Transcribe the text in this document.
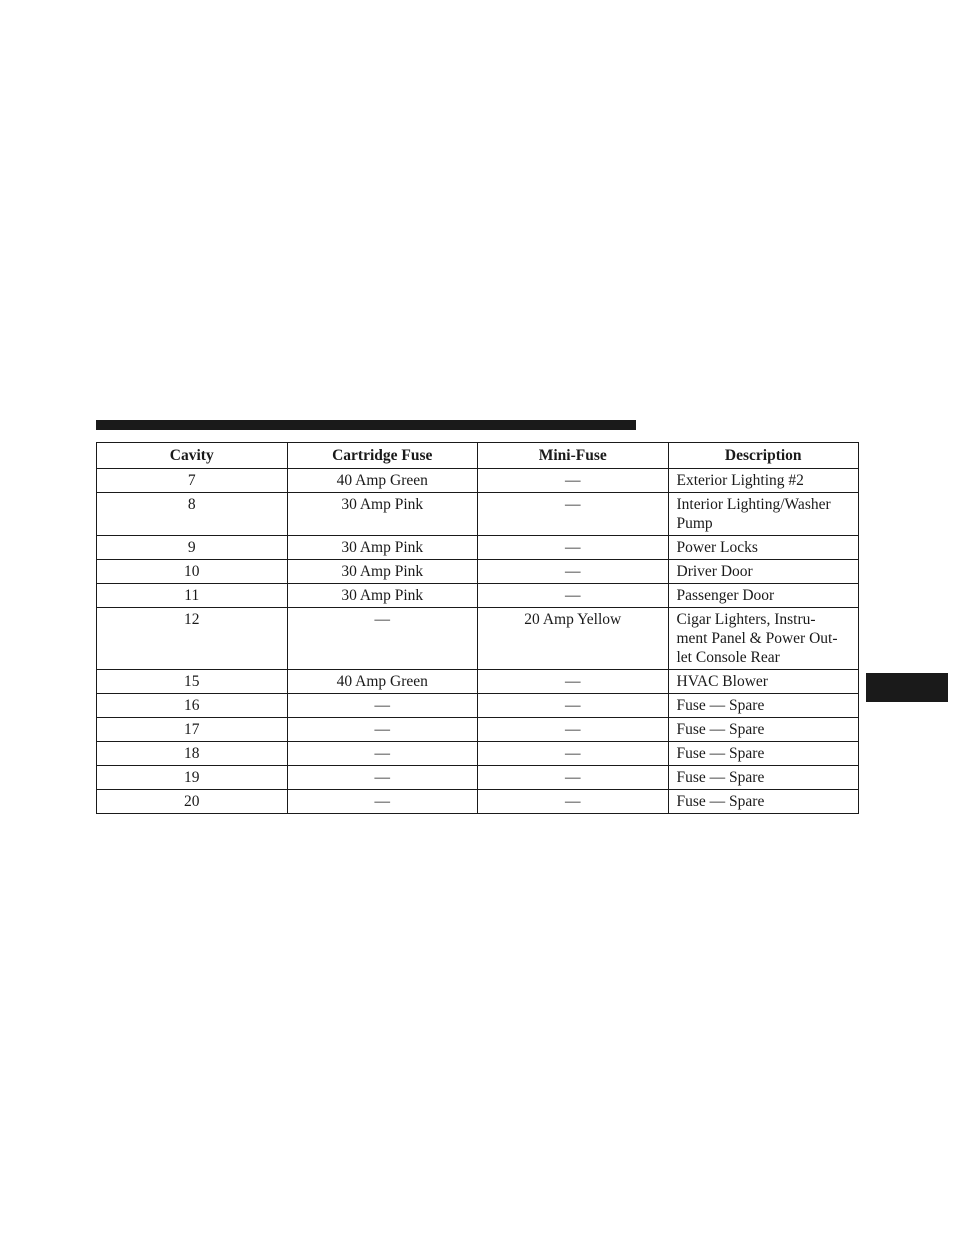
Cavity	Cartridge Fuse	Mini-Fuse	Description
7	40 Amp Green	—	Exterior Lighting #2
8	30 Amp Pink	—	Interior Lighting/Washer Pump
9	30 Amp Pink	—	Power Locks
10	30 Amp Pink	—	Driver Door
11	30 Amp Pink	—	Passenger Door
12	—	20 Amp Yellow	Cigar Lighters, Instru- ment Panel & Power Out- let Console Rear
15	40 Amp Green	—	HVAC Blower
16	—	—	Fuse — Spare
17	—	—	Fuse — Spare
18	—	—	Fuse — Spare
19	—	—	Fuse — Spare
20	—	—	Fuse — Spare
